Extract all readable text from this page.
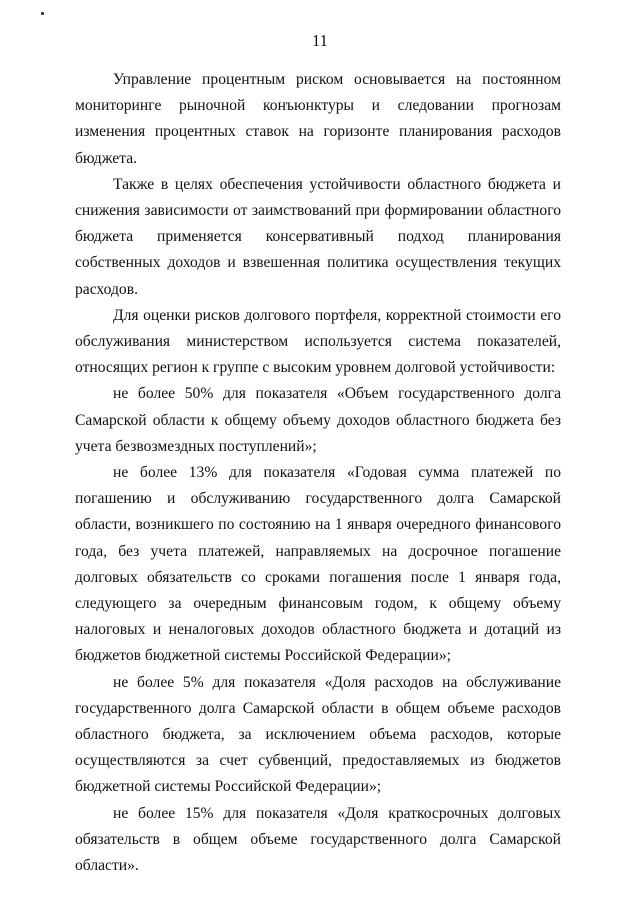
11

Управление процентным риском основывается на постоянном мониторинге рыночной конъюнктуры и следовании прогнозам изменения процентных ставок на горизонте планирования расходов бюджета.

Также в целях обеспечения устойчивости областного бюджета и снижения зависимости от заимствований при формировании областного бюджета применяется консервативный подход планирования собственных доходов и взвешенная политика осуществления текущих расходов.

Для оценки рисков долгового портфеля, корректной стоимости его обслуживания министерством используется система показателей, относящих регион к группе с высоким уровнем долговой устойчивости:

не более 50% для показателя «Объем государственного долга Самарской области к общему объему доходов областного бюджета без учета безвозмездных поступлений»;

не более 13% для показателя «Годовая сумма платежей по погашению и обслуживанию государственного долга Самарской области, возникшего по состоянию на 1 января очередного финансового года, без учета платежей, направляемых на досрочное погашение долговых обязательств со сроками погашения после 1 января года, следующего за очередным финансовым годом, к общему объему налоговых и неналоговых доходов областного бюджета и дотаций из бюджетов бюджетной системы Российской Федерации»;

не более 5% для показателя «Доля расходов на обслуживание государственного долга Самарской области в общем объеме расходов областного бюджета, за исключением объема расходов, которые осуществляются за счет субвенций, предоставляемых из бюджетов бюджетной системы Российской Федерации»;

не более 15% для показателя «Доля краткосрочных долговых обязательств в общем объеме государственного долга Самарской области».
